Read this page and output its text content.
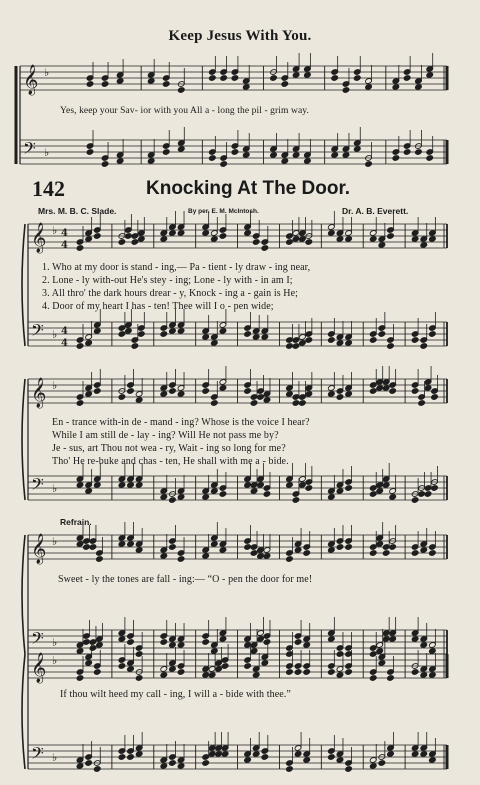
𝄞
𝄢
♭
♭
𝄞
𝄢
♭
♭
4
4
4
4
𝄞
𝄢
♭
♭
𝄞
𝄢
♭
♭
𝄞
𝄢
♭
♭
Keep Jesus With You.
Yes, keep your Sav- ior with you All a - long the pil - grim way.
142	Knocking At The Door.
Mrs. M. B. C. Slade.	By per. E. M. McIntosh.	Dr. A. B. Everett.
1. Who at my door is stand - ing,— Pa - tient - ly draw - ing near,
2. Lone - ly with-out He's stey - ing; Lone - ly with - in am I;
3. All thro' the dark hours drear - y, Knock - ing a - gain is He;
4. Door of my heart I has - ten! Thee will I o - pen wide;
En - trance with-in de - mand - ing? Whose is the voice I hear?
While I am still de - lay - ing? Will He not pass me by?
Je - sus, art Thou not wea - ry, Wait - ing so long for me?
Tho' He re-buke and chas - ten, He shall with me a - bide.
Refrain.
Sweet - ly the tones are fall - ing:— “O - pen the door for me!
If thou wilt heed my call - ing, I will a - bide with thee.”
